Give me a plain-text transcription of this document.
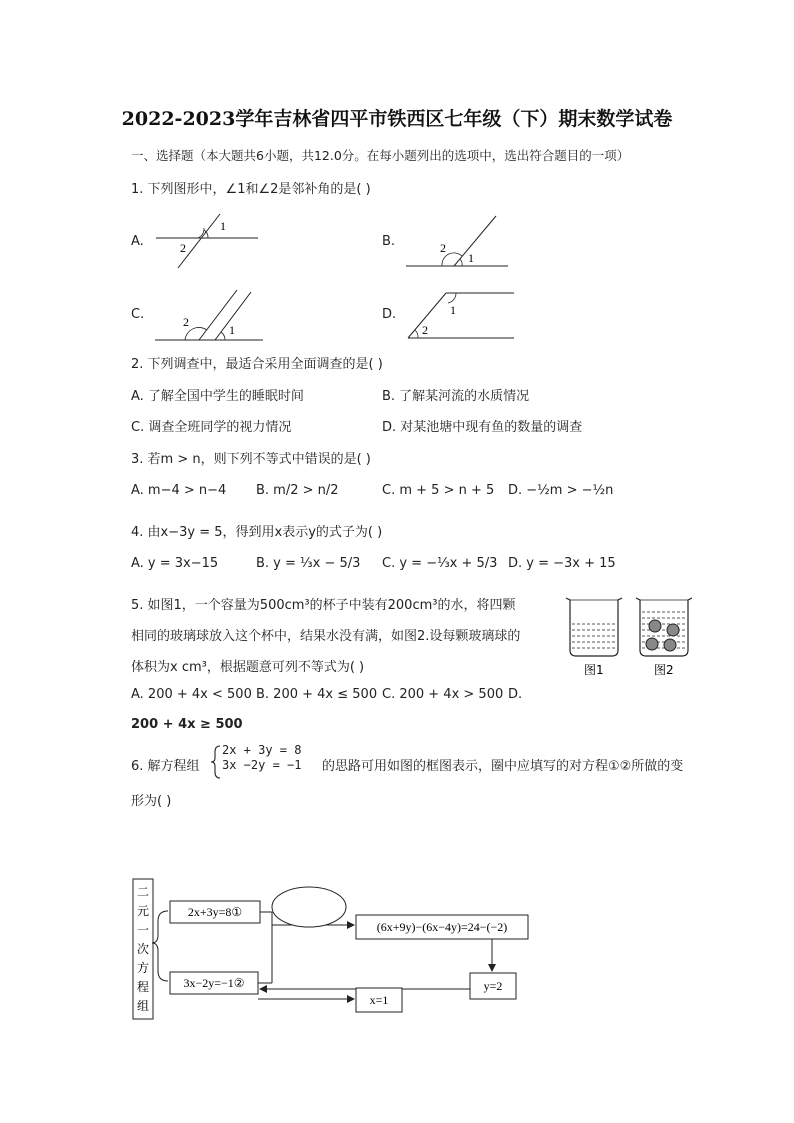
2022-2023学年吉林省四平市铁西区七年级（下）期末数学试卷
一、选择题（本大题共6小题，共12.0分。在每小题列出的选项中，选出符合题目的一项）
1. 下列图形中，∠1和∠2是邻补角的是( )
A.
1
2	B.	2
1
C.	2
1
D.	1
2
2. 下列调查中，最适合采用全面调查的是( )
A. 了解全国中学生的睡眠时间	B. 了解某河流的水质情况
C. 调查全班同学的视力情况	D. 对某池塘中现有鱼的数量的调查
3. 若m > n，则下列不等式中错误的是( )
A. m−4 > n−4 B. m/2 > n/2	C. m + 5 > n + 5 D. −½m > −½n
4. 由x−3y = 5，得到用x表示y的式子为( )
A. y = 3x−15	B. y = ⅓x − 5/3 C. y = −⅓x + 5/3 D. y = −3x + 15
5. 如图1，一个容量为500cm³的杯子中装有200cm³的水，将四颗
相同的玻璃球放入这个杯中，结果水没有满，如图2.设每颗玻璃球的
体积为x cm³，根据题意可列不等式为( )	图1	图2
A. 200 + 4x < 500 B. 200 + 4x ≤ 500 C. 200 + 4x > 500 D.
200 + 4x ≥ 500
6. 解方程组
2x + 3y = 8
3x −2y = −1 的思路可用如图的框图表示，圈中应填写的对方程①②所做的变
形为( )
二
元
一
次
方
程
组
2x+3y=8①
3x−2y=−1②
(6x+9y)−(6x−4y)=24−(−2)
y=2
x=1
